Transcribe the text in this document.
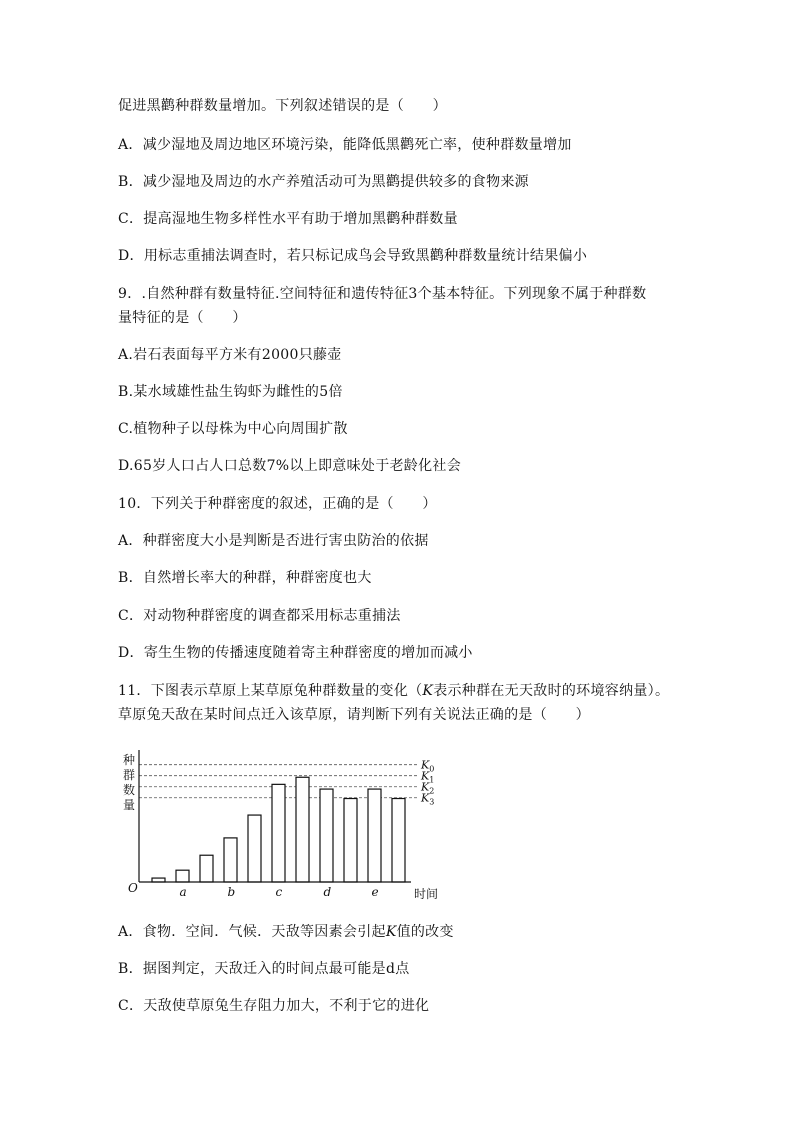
促进黑鹳种群数量增加。下列叙述错误的是（　　）
A．减少湿地及周边地区环境污染，能降低黑鹳死亡率，使种群数量增加
B．减少湿地及周边的水产养殖活动可为黑鹳提供较多的食物来源
C．提高湿地生物多样性水平有助于增加黑鹳种群数量
D．用标志重捕法调查时，若只标记成鸟会导致黑鹳种群数量统计结果偏小
9．.自然种群有数量特征.空间特征和遗传特征3个基本特征。下列现象不属于种群数
量特征的是（　　）
A.岩石表面每平方米有2000只藤壶
B.某水域雄性盐生钩虾为雌性的5倍
C.植物种子以母株为中心向周围扩散
D.65岁人口占人口总数7%以上即意味处于老龄化社会
10．下列关于种群密度的叙述，正确的是（　　）
A．种群密度大小是判断是否进行害虫防治的依据
B．自然增长率大的种群，种群密度也大
C．对动物种群密度的调查都采用标志重捕法
D．寄生生物的传播速度随着寄主种群密度的增加而减小
11．下图表示草原上某草原兔种群数量的变化（K表示种群在无天敌时的环境容纳量）。
草原兔天敌在某时间点迁入该草原，请判断下列有关说法正确的是（　　）
$K_0$
$K_1$
$K_2$
$K_3$
种
群
数
量
O	a	b	c	d	e	时间
A．食物．空间．气候．天敌等因素会引起K值的改变
B．据图判定，天敌迁入的时间点最可能是d点
C．天敌使草原兔生存阻力加大，不利于它的进化
